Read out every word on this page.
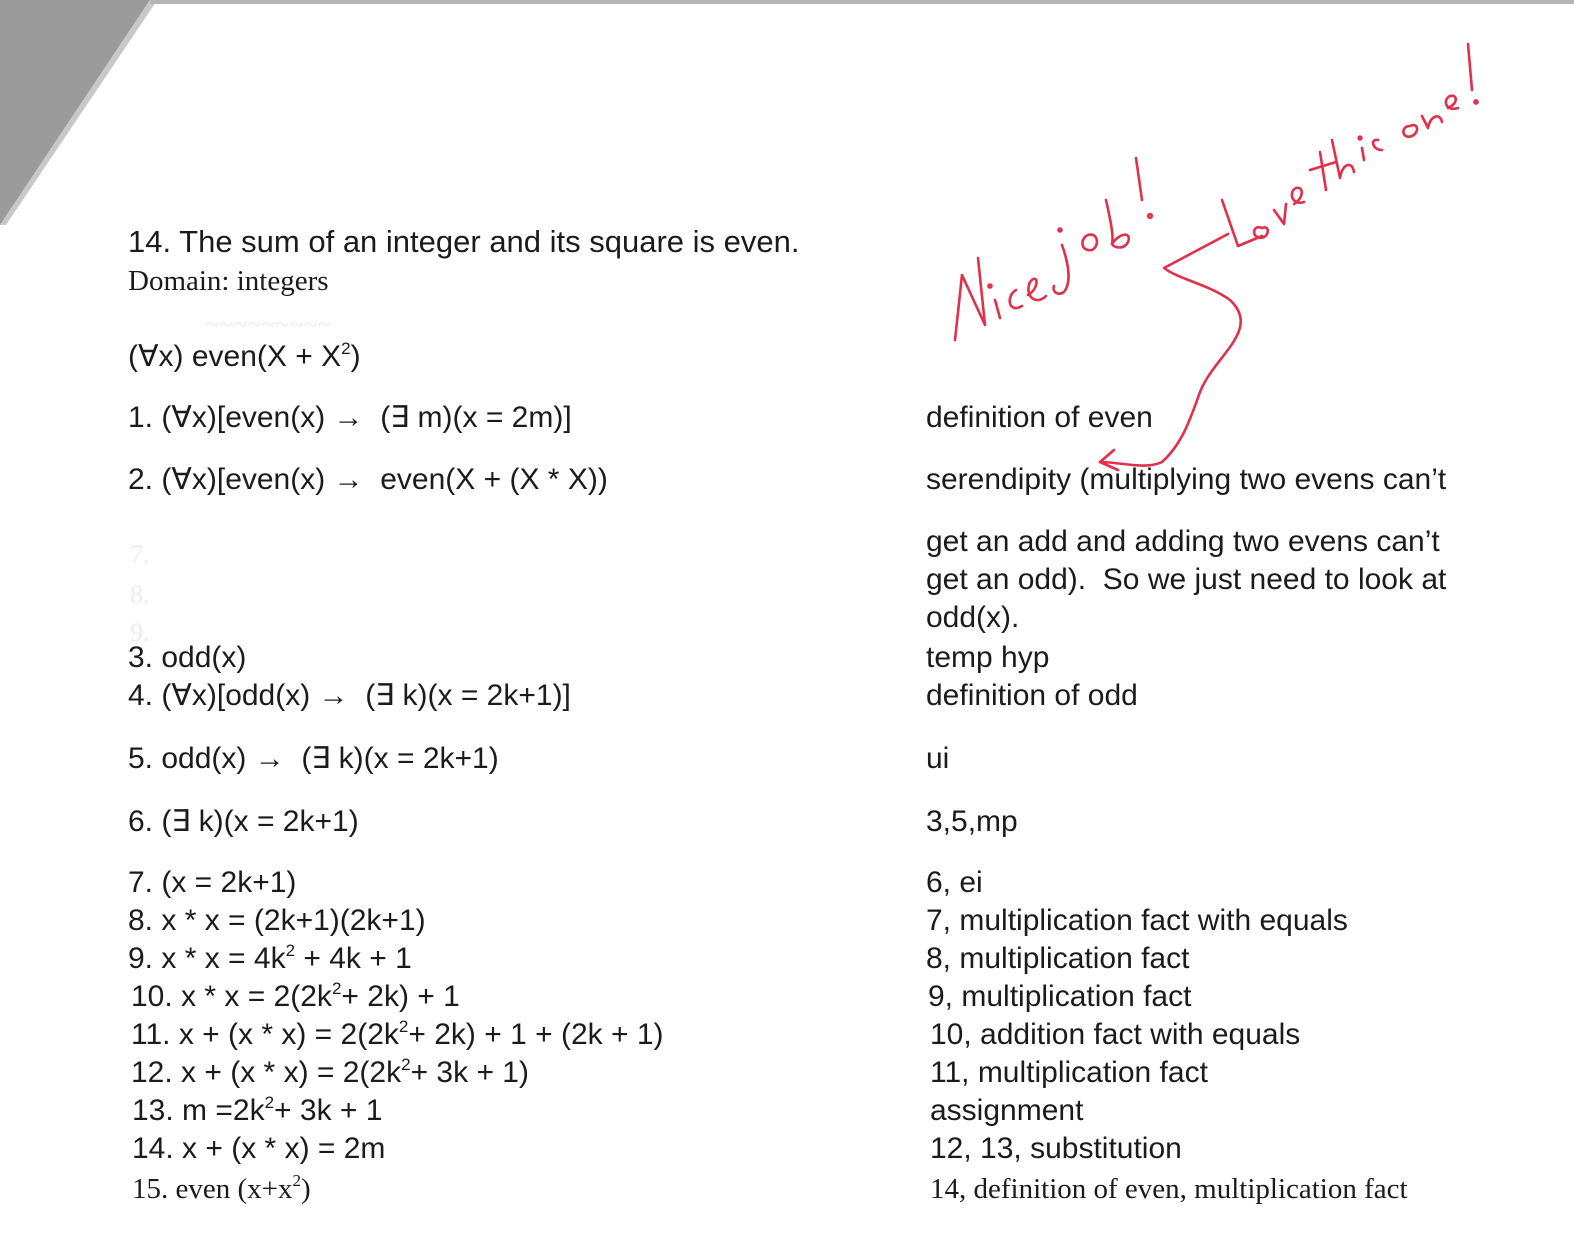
~~~~~~~~~
7.
8.
9.
14. The sum of an integer and its square is even.
Domain: integers
(∀x) even(X + $X^2$)
1. (∀x)[even(x) →  (∃ m)(x = 2m)]	definition of even
2. (∀x)[even(x) →  even(X + (X * X))	serendipity (multiplying two evens can’t
get an add and adding two evens can’t
get an odd).  So we just need to look at
odd(x).
3. odd(x)	temp hyp
4. (∀x)[odd(x) →  (∃ k)(x = 2k+1)]	definition of odd
5. odd(x) →  (∃ k)(x = 2k+1)	ui
6. (∃ k)(x = 2k+1)	3,5,mp
7. (x = 2k+1)	6, ei
8. x * x = (2k+1)(2k+1)	7, multiplication fact with equals
9. $x * x = 4k^2 + 4k + 1$	8, multiplication fact
10. $x * x = 2(2k^2+ 2k) + 1$	9, multiplication fact
11. $x + (x * x) = 2(2k^2+ 2k) + 1 + (2k + 1)$	10, addition fact with equals
12. $x + (x * x) = 2(2k^2+ 3k + 1)$	11, multiplication fact
13. $m =2k^2+ 3k + 1$	assignment
14. x + (x * x) = 2m	12, 13, substitution
15. even $(x+x^2)$	14, definition of even, multiplication fact
